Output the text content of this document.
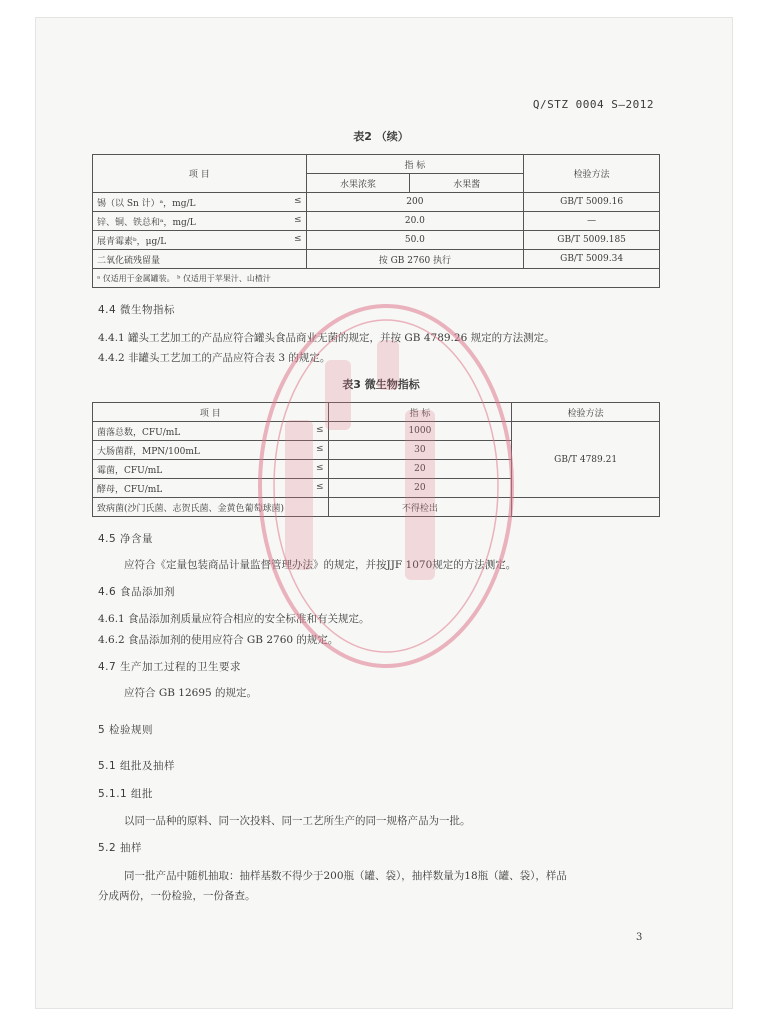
Q/STZ 0004 S—2012
表2 （续）
项 目	指 标		检验方法
	水果浓浆	水果酱	
锡（以 Sn 计）ᵃ，mg/L ≤	200		GB/T 5009.16
锌、铜、铁总和ᵃ，mg/L ≤	20.0		—
展青霉素ᵇ，μg/L ≤	50.0		GB/T 5009.185
二氧化硫残留量	按 GB 2760 执行		GB/T 5009.34
ᵃ 仅适用于金属罐装。 ᵇ 仅适用于苹果汁、山楂汁			
4.4 微生物指标
4.4.1 罐头工艺加工的产品应符合罐头食品商业无菌的规定，并按 GB 4789.26 规定的方法测定。
4.4.2 非罐头工艺加工的产品应符合表 3 的规定。
表3 微生物指标
项 目	指 标	检验方法
菌落总数，CFU/mL ≤	1000	GB/T 4789.21
大肠菌群，MPN/100mL ≤	30	
霉菌，CFU/mL ≤	20	
酵母，CFU/mL ≤	20	
致病菌(沙门氏菌、志贺氏菌、金黄色葡萄球菌)	不得检出	
4.5 净含量
应符合《定量包装商品计量监督管理办法》的规定，并按JJF 1070规定的方法测定。
4.6 食品添加剂
4.6.1 食品添加剂质量应符合相应的安全标准和有关规定。
4.6.2 食品添加剂的使用应符合 GB 2760 的规定。
4.7 生产加工过程的卫生要求
应符合 GB 12695 的规定。
5 检验规则
5.1 组批及抽样
5.1.1 组批
以同一品种的原料、同一次投料、同一工艺所生产的同一规格产品为一批。
5.2 抽样
同一批产品中随机抽取：抽样基数不得少于200瓶（罐、袋），抽样数量为18瓶（罐、袋），样品
分成两份，一份检验，一份备查。
3
